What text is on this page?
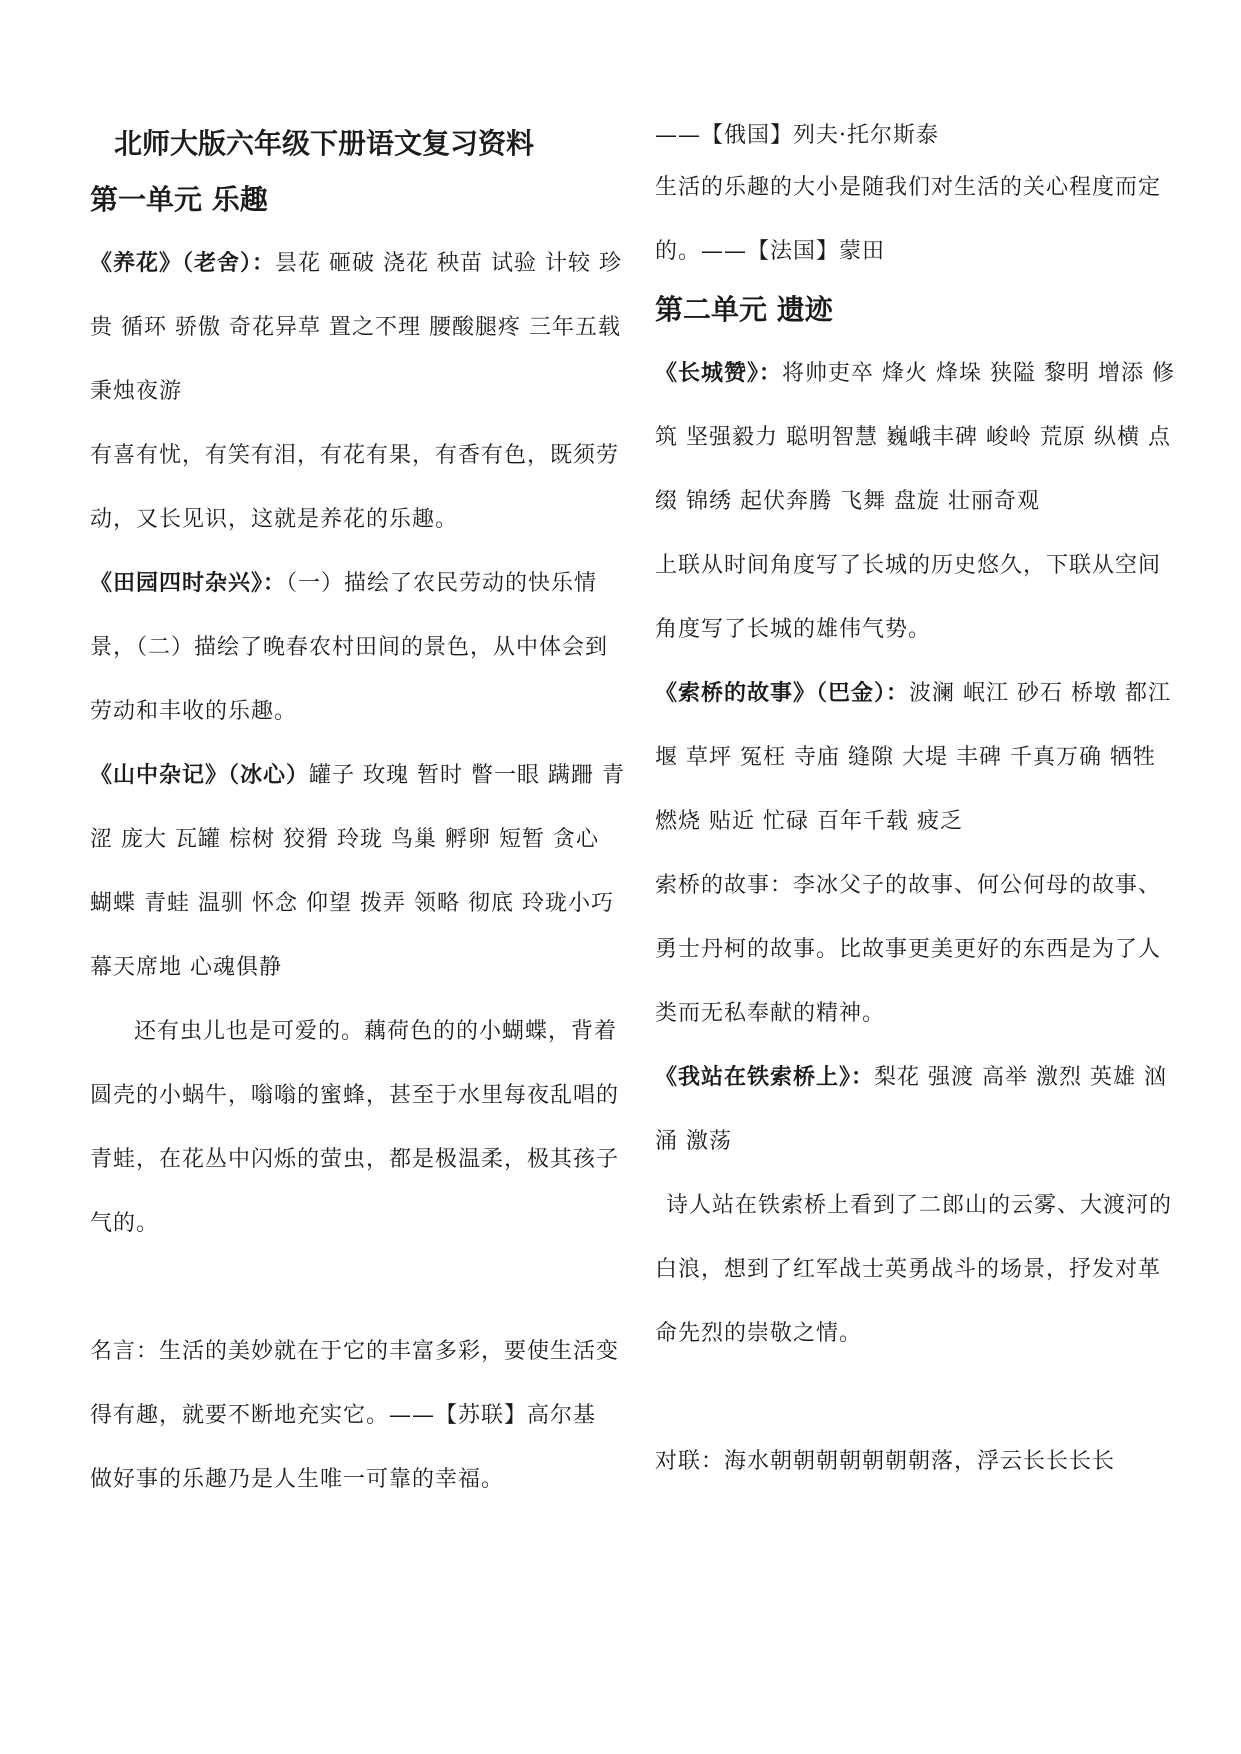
北师大版六年级下册语文复习资料
第一单元 乐趣

《养花》（老舍）：昙花 砸破 浇花 秧苗 试验 计较 珍贵 循环 骄傲 奇花异草 置之不理 腰酸腿疼 三年五载 秉烛夜游

有喜有忧，有笑有泪，有花有果，有香有色，既须劳动，又长见识，这就是养花的乐趣。

《田园四时杂兴》：（一）描绘了农民劳动的快乐情景，（二）描绘了晚春农村田间的景色，从中体会到劳动和丰收的乐趣。

《山中杂记》（冰心）罐子 玫瑰 暂时 瞥一眼 蹒跚 青涩 庞大 瓦罐 棕树 狡猾 玲珑 鸟巢 孵卵 短暂 贪心 蝴蝶 青蛙 温驯 怀念 仰望 拨弄 领略 彻底 玲珑小巧 幕天席地 心魂俱静

还有虫儿也是可爱的。藕荷色的的小蝴蝶，背着圆壳的小蜗牛，嗡嗡的蜜蜂，甚至于水里每夜乱唱的青蛙，在花丛中闪烁的萤虫，都是极温柔，极其孩子气的。

名言：生活的美妙就在于它的丰富多彩，要使生活变得有趣，就要不断地充实它。——【苏联】高尔基

做好事的乐趣乃是人生唯一可靠的幸福。

——【俄国】列夫·托尔斯泰

生活的乐趣的大小是随我们对生活的关心程度而定的。——【法国】蒙田

第二单元 遗迹

《长城赞》：将帅吏卒 烽火 烽垛 狭隘 黎明 增添 修筑 坚强毅力 聪明智慧 巍峨丰碑 峻岭 荒原 纵横 点缀 锦绣 起伏奔腾 飞舞 盘旋 壮丽奇观

上联从时间角度写了长城的历史悠久，下联从空间角度写了长城的雄伟气势。

《索桥的故事》（巴金）：波澜 岷江 砂石 桥墩 都江堰 草坪 冤枉 寺庙 缝隙 大堤 丰碑 千真万确 牺牲 燃烧 贴近 忙碌 百年千载 疲乏

索桥的故事：李冰父子的故事、何公何母的故事、勇士丹柯的故事。比故事更美更好的东西是为了人类而无私奉献的精神。

《我站在铁索桥上》：梨花 强渡 高举 激烈 英雄 汹涌 激荡

诗人站在铁索桥上看到了二郎山的云雾、大渡河的白浪，想到了红军战士英勇战斗的场景，抒发对革命先烈的崇敬之情。

对联：海水朝朝朝朝朝朝朝落，浮云长长长长
